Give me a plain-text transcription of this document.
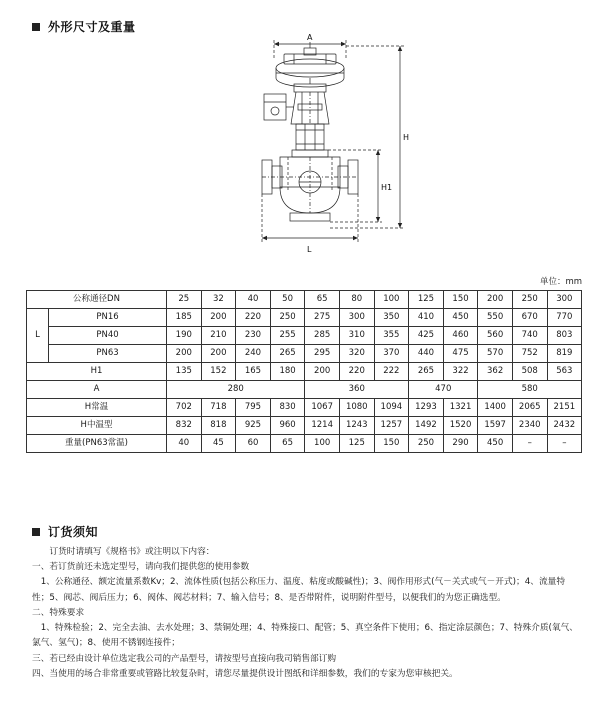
外形尺寸及重量
A
H
H1
L
单位：mm
公称通径DN		25	32	40	50	65	80	100	125	150	200	250	300
L	PN16	185	200	220	250	275	300	350	410	450	550	670	770
	PN40	190	210	230	255	285	310	355	425	460	560	740	803
	PN63	200	200	240	265	295	320	370	440	475	570	752	819
H1		135	152	165	180	200	220	222	265	322	362	508	563
A		280				360			470		580		
H常温		702	718	795	830	1067	1080	1094	1293	1321	1400	2065	2151
H中温型		832	818	925	960	1214	1243	1257	1492	1520	1597	2340	2432
重量(PN63常温)		40	45	60	65	100	125	150	250	290	450	–	–
订货须知

订货时请填写《规格书》或注明以下内容：

一、若订货前还未选定型号，请向我们提供您的使用参数

1、公称通径、额定流量系数Kv；2、流体性质(包括公称压力、温度、粘度或酸碱性)；3、阀作用形式(气－关式或气－开式)；4、流量特性；5、阀芯、阀后压力；6、阀体、阀芯材料；7、输入信号；8、是否带附件，说明附件型号，以便我们的为您正确选型。

二、特殊要求

1、特殊检验；2、完全去油、去水处理；3、禁铜处理；4、特殊接口、配管；5、真空条件下使用；6、指定涂层颜色；7、特殊介质(氧气、氯气、氢气)；8、使用不锈钢连接件；

三、若已经由设计单位选定我公司的产品型号，请按型号直接向我司销售部订购

四、当使用的场合非常重要或管路比较复杂时，请您尽量提供设计图纸和详细参数，我们的专家为您审核把关。
